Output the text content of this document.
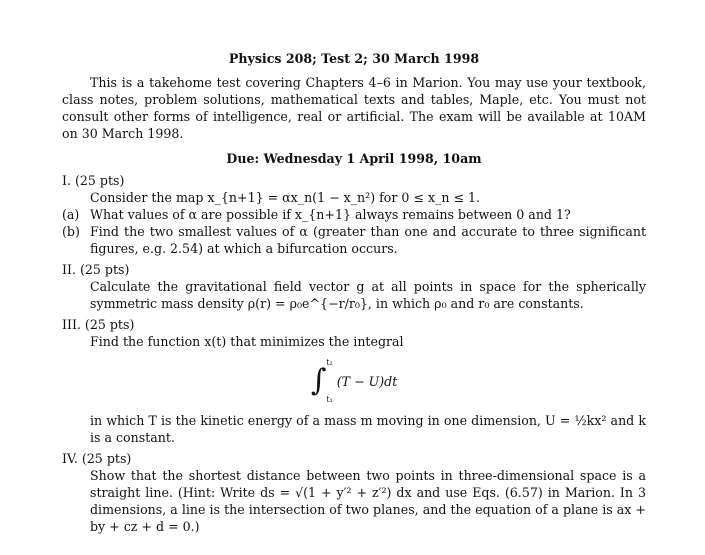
Physics 208; Test 2; 30 March 1998

This is a takehome test covering Chapters 4–6 in Marion. You may use your textbook, class notes, problem solutions, mathematical texts and tables, Maple, etc. You must not consult other forms of intelligence, real or artificial. The exam will be available at 10AM on 30 March 1998.

Due: Wednesday 1 April 1998, 10am

I. (25 pts)

Consider the map x_{n+1} = αx_n(1 − x_n²) for 0 ≤ x_n ≤ 1.

(a) What values of α are possible if x_{n+1} always remains between 0 and 1?
(b) Find the two smallest values of α (greater than one and accurate to three significant figures, e.g. 2.54) at which a bifurcation occurs.

II. (25 pts)

Calculate the gravitational field vector g at all points in space for the spherically symmetric mass density ρ(r) = ρ₀e^{−r/r₀}, in which ρ₀ and r₀ are constants.

III. (25 pts)

Find the function x(t) that minimizes the integral

∫
t₂
t₁
(T − U)dt

in which T is the kinetic energy of a mass m moving in one dimension, U = ½kx² and k is a constant.

IV. (25 pts)

Show that the shortest distance between two points in three-dimensional space is a straight line. (Hint: Write ds = √(1 + y′² + z′²) dx and use Eqs. (6.57) in Marion. In 3 dimensions, a line is the intersection of two planes, and the equation of a plane is ax + by + cz + d = 0.)
